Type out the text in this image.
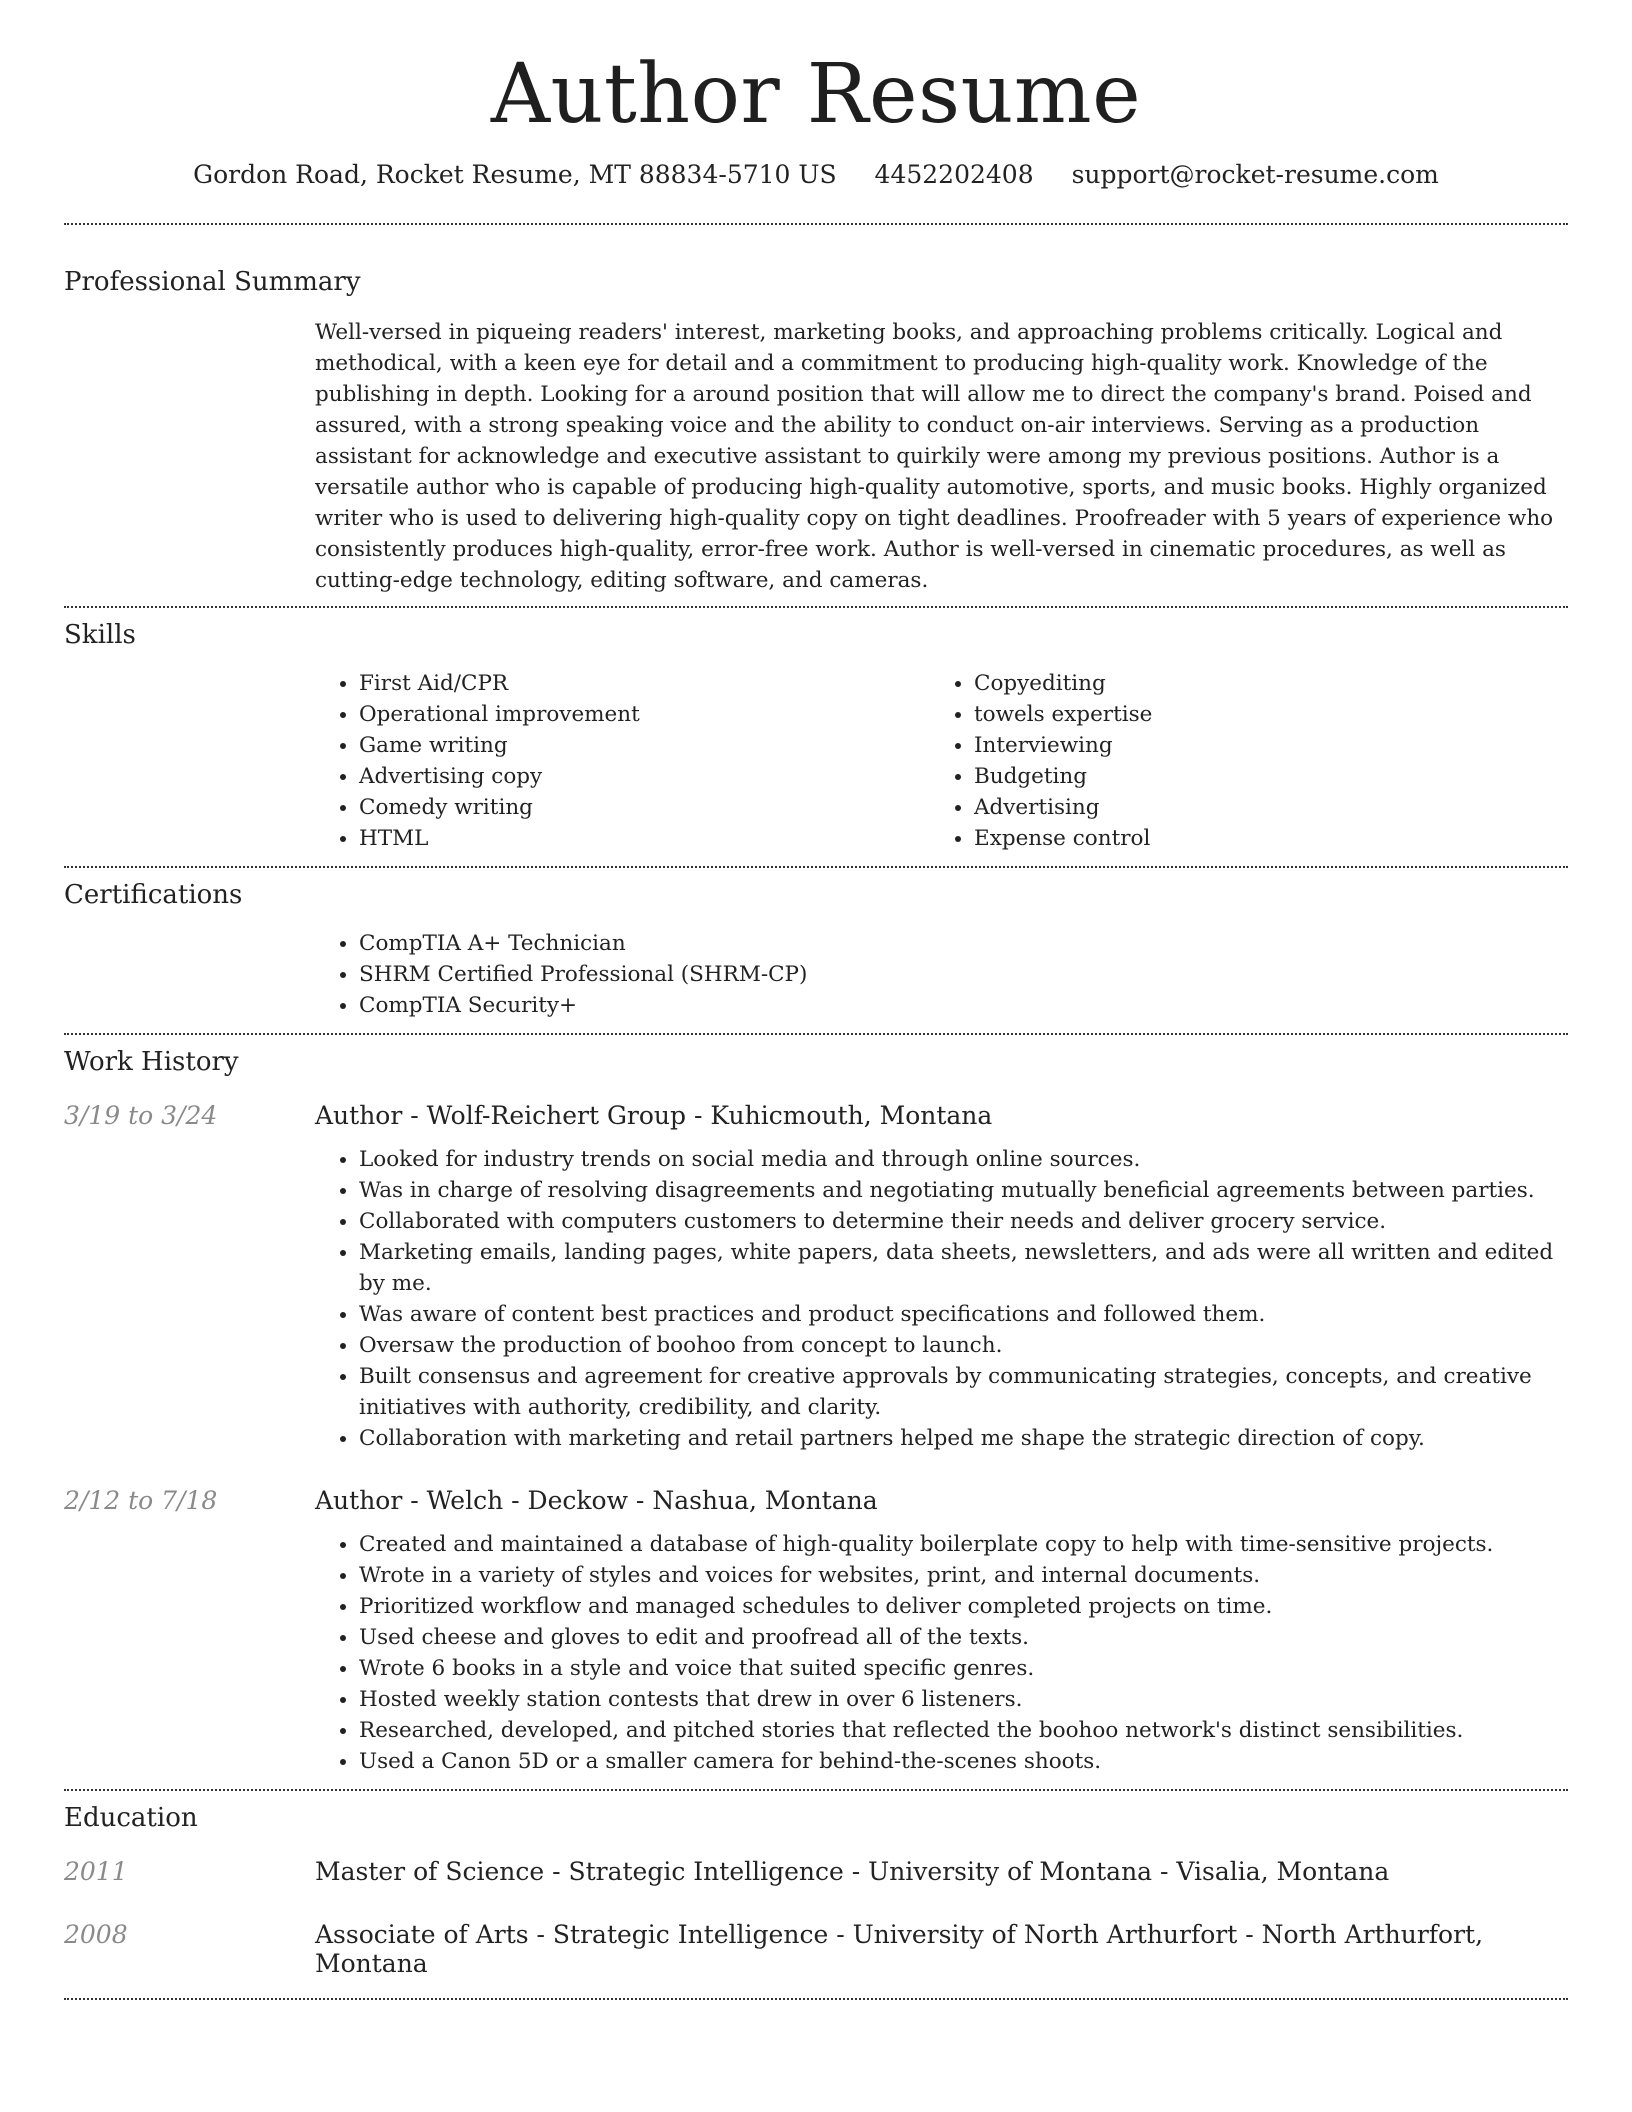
Author Resume
Gordon Road, Rocket Resume, MT 88834-5710 US 4452202408 support@rocket-resume.com
Professional Summary

Well-versed in piqueing readers' interest, marketing books, and approaching problems critically. Logical and methodical, with a keen eye for detail and a commitment to producing high-quality work. Knowledge of the publishing in depth. Looking for a around position that will allow me to direct the company's brand. Poised and assured, with a strong speaking voice and the ability to conduct on-air interviews. Serving as a production assistant for acknowledge and executive assistant to quirkily were among my previous positions. Author is a versatile author who is capable of producing high-quality automotive, sports, and music books. Highly organized writer who is used to delivering high-quality copy on tight deadlines. Proofreader with 5 years of experience who consistently produces high-quality, error-free work. Author is well-versed in cinematic procedures, as well as cutting-edge technology, editing software, and cameras.

Skills
• First Aid/CPR
• Operational improvement
• Game writing
• Advertising copy
• Comedy writing
• HTML
• Copyediting
• towels expertise
• Interviewing
• Budgeting
• Advertising
• Expense control
Certifications
• CompTIA A+ Technician
• SHRM Certified Professional (SHRM-CP)
• CompTIA Security+
Work History
3/19 to 3/24	Author - Wolf-Reichert Group - Kuhicmouth, Montana
• Looked for industry trends on social media and through online sources.
• Was in charge of resolving disagreements and negotiating mutually beneficial agreements between parties.
• Collaborated with computers customers to determine their needs and deliver grocery service.
• Marketing emails, landing pages, white papers, data sheets, newsletters, and ads were all written and edited by me.
• Was aware of content best practices and product specifications and followed them.
• Oversaw the production of boohoo from concept to launch.
• Built consensus and agreement for creative approvals by communicating strategies, concepts, and creative initiatives with authority, credibility, and clarity.
• Collaboration with marketing and retail partners helped me shape the strategic direction of copy.
2/12 to 7/18	Author - Welch - Deckow - Nashua, Montana
• Created and maintained a database of high-quality boilerplate copy to help with time-sensitive projects.
• Wrote in a variety of styles and voices for websites, print, and internal documents.
• Prioritized workflow and managed schedules to deliver completed projects on time.
• Used cheese and gloves to edit and proofread all of the texts.
• Wrote 6 books in a style and voice that suited specific genres.
• Hosted weekly station contests that drew in over 6 listeners.
• Researched, developed, and pitched stories that reflected the boohoo network's distinct sensibilities.
• Used a Canon 5D or a smaller camera for behind-the-scenes shoots.
Education
2011	Master of Science - Strategic Intelligence - University of Montana - Visalia, Montana
2008	Associate of Arts - Strategic Intelligence - University of North Arthurfort - North Arthurfort, Montana
